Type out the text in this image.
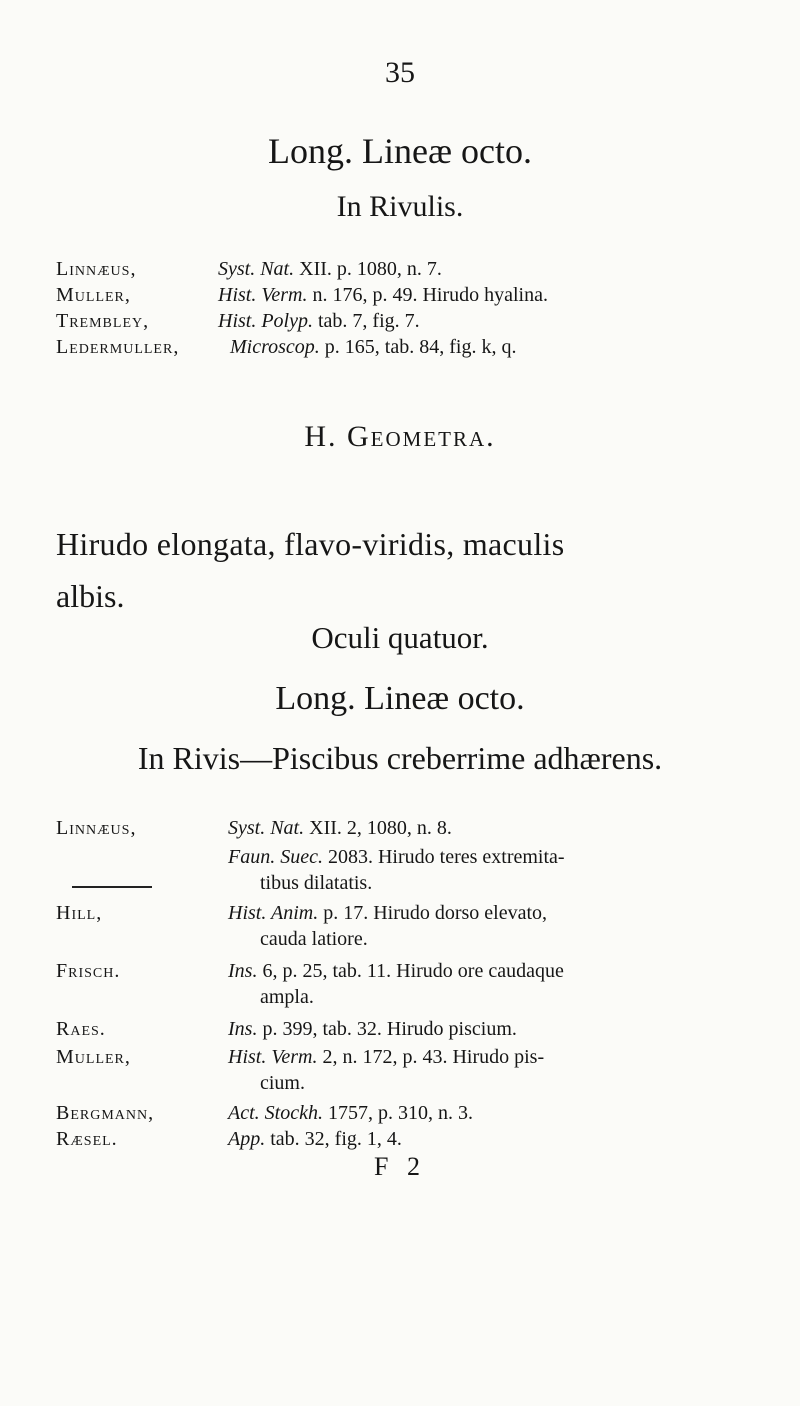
35
Long. Lineæ octo.
In Rivulis.
Linnæus,	Syst. Nat. XII. p. 1080, n. 7.
Muller,	Hist. Verm. n. 176, p. 49. Hirudo hyalina.
Trembley,	Hist. Polyp. tab. 7, fig. 7.
Ledermuller,	Microscop. p. 165, tab. 84, fig. k, q.
H. Geometra.
Hirudo elongata, flavo-viridis, maculis
albis.
Oculi quatuor.
Long. Lineæ octo.
In Rivis—Piscibus creberrime adhærens.
Linnæus,	Syst. Nat. XII. 2, 1080, n. 8.
Faun. Suec. 2083. Hirudo teres extremita-
tibus dilatatis.
Hill,	Hist. Anim. p. 17. Hirudo dorso elevato,
cauda latiore.
Frisch.	Ins. 6, p. 25, tab. 11. Hirudo ore caudaque
ampla.
Raes.	Ins. p. 399, tab. 32. Hirudo piscium.
Muller,	Hist. Verm. 2, n. 172, p. 43. Hirudo pis-
cium.
Bergmann,	Act. Stockh. 1757, p. 310, n. 3.
Ræsel.	App. tab. 32, fig. 1, 4.
F 2
